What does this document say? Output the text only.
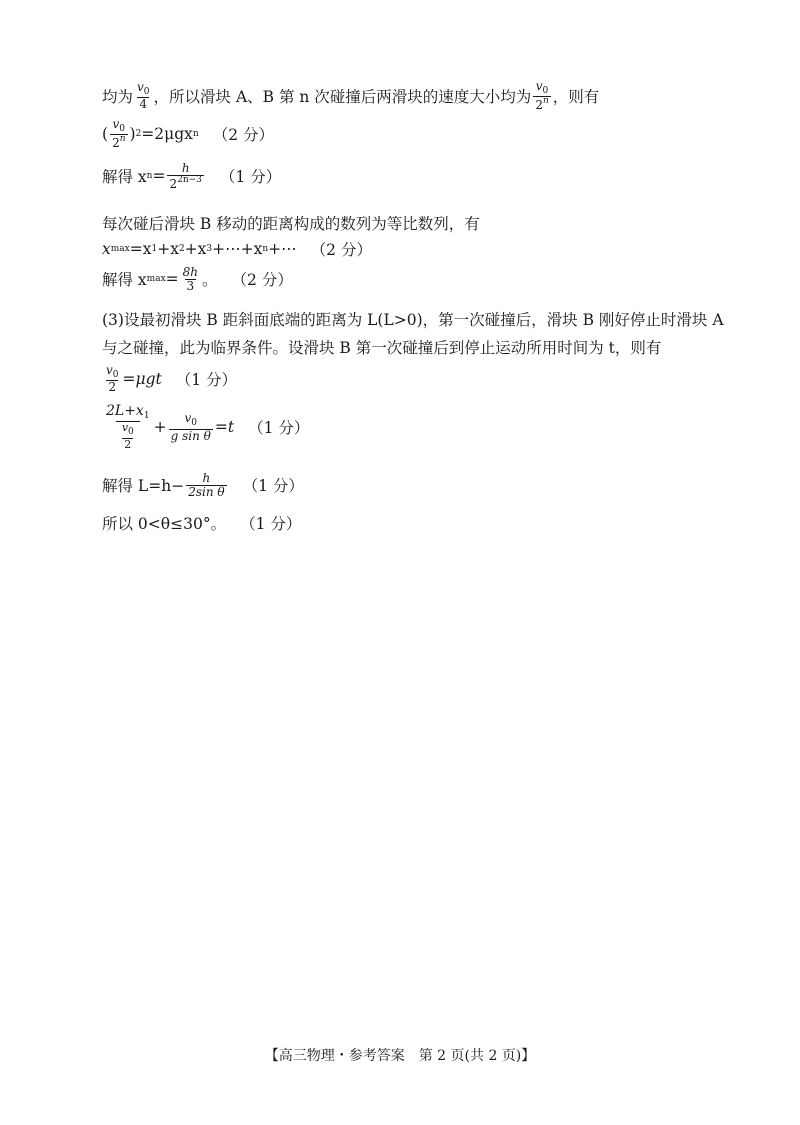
均为 $\frac{v_0}{4}$ ，所以滑块 A、B 第 n 次碰撞后两滑块的速度大小均为 $\frac{v_0}{2^n}$ ，则有
( $\frac{v_0}{2^n}$ ) 2 =2μgx n （2 分）
解得 x $n = \frac{h}{2^{2n-3}} (1$ 分）
每次碰后滑块 B 移动的距离构成的数列为等比数列，有
x max =x 1 +x 2 +x 3 +⋯+x n +⋯ （2 分）
解得 x $\max = \frac{8h}{3}$ 。 （2 分）
(3)设最初滑块 B 距斜面底端的距离为 L(L>0)，第一次碰撞后，滑块 B 刚好停止时滑块 A
与之碰撞，此为临界条件。设滑块 B 第一次碰撞后到停止运动所用时间为 t，则有
$\frac{v_0}{2} =\mu gt$ （1 分）
$\frac{2L+x_1}{\frac{v_0}{2}} + \frac{v_0}{\text{g sin θ}} =t$ （1 分）
解得 $L=h- \frac{h}{\text{2sin θ}} (1$ 分）
所以 0<θ≤30°。 （1 分）
【高三物理・参考答案　第 2 页(共 2 页)】
